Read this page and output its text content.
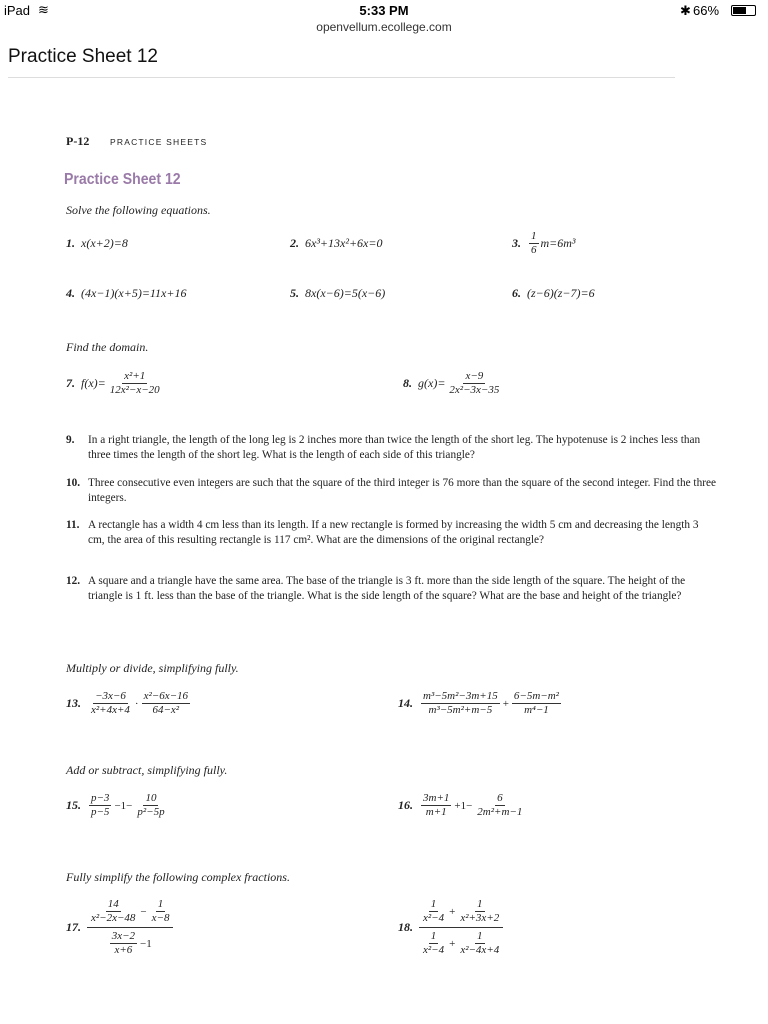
iPad ≋	5:33 PM
openvellum.ecollege.com
✱ 66%
Practice Sheet 12
P-12 PRACTICE SHEETS
Practice Sheet 12
Solve the following equations.
1. x(x+2)=8	2. 6x³+13x²+6x=0	3. $\frac{1}{6} m=6m^3$
4. (4x−1)(x+5)=11x+16	5. 8x(x−6)=5(x−6)	6. (z−6)(z−7)=6
Find the domain.
7. $f(x)= \frac{\text{x²+1}}{\text{12x²−x−20}}$	8. $g(x)= \frac{x-9}{\text{2x²−3x−35}}$
9.	In a right triangle, the length of the long leg is 2 inches more than twice the length of the short leg. The hypotenuse is 2 inches less than three times the length of the short leg. What is the length of each side of this triangle?
10. Three consecutive even integers are such that the square of the third integer is 76 more than the square of the second integer. Find the three integers.
11. A rectangle has a width 4 cm less than its length. If a new rectangle is formed by increasing the width 5 cm and decreasing the length 3 cm, the area of this resulting rectangle is 117 cm². What are the dimensions of the original rectangle?
12. A square and a triangle have the same area. The base of the triangle is 3 ft. more than the side length of the square. The height of the triangle is 1 ft. less than the base of the triangle. What is the side length of the square? What are the base and height of the triangle?
Multiply or divide, simplifying fully.
13. $\frac{-3x-6}{\text{x²+4x+4}} \cdot \frac{\text{x²−6x−16}}{\text{64−x²}}$	14. $\frac{\text{m³−5m²−3m+15}}{\text{m³−5m²+m−5}} + \frac{\text{6−5m−m²}}{\text{m⁴−1}}$
Add or subtract, simplifying fully.
15. $\frac{p-3}{p-5} -1- \frac{10}{\text{p²−5p}}$	16. $\frac{3m+1}{m+1} +1- \frac{6}{\text{2m²+m−1}}$
Fully simplify the following complex fractions.
17.
$\frac{14}{\text{x²−2x−48}} - \frac{1}{x-8}$
$\frac{3x-2}{x+6} -1$
18.
$\frac{1}{\text{x²−4}} + \frac{1}{\text{x²+3x+2}}$
$\frac{1}{\text{x²−4}} + \frac{1}{\text{x²−4x+4}}$
